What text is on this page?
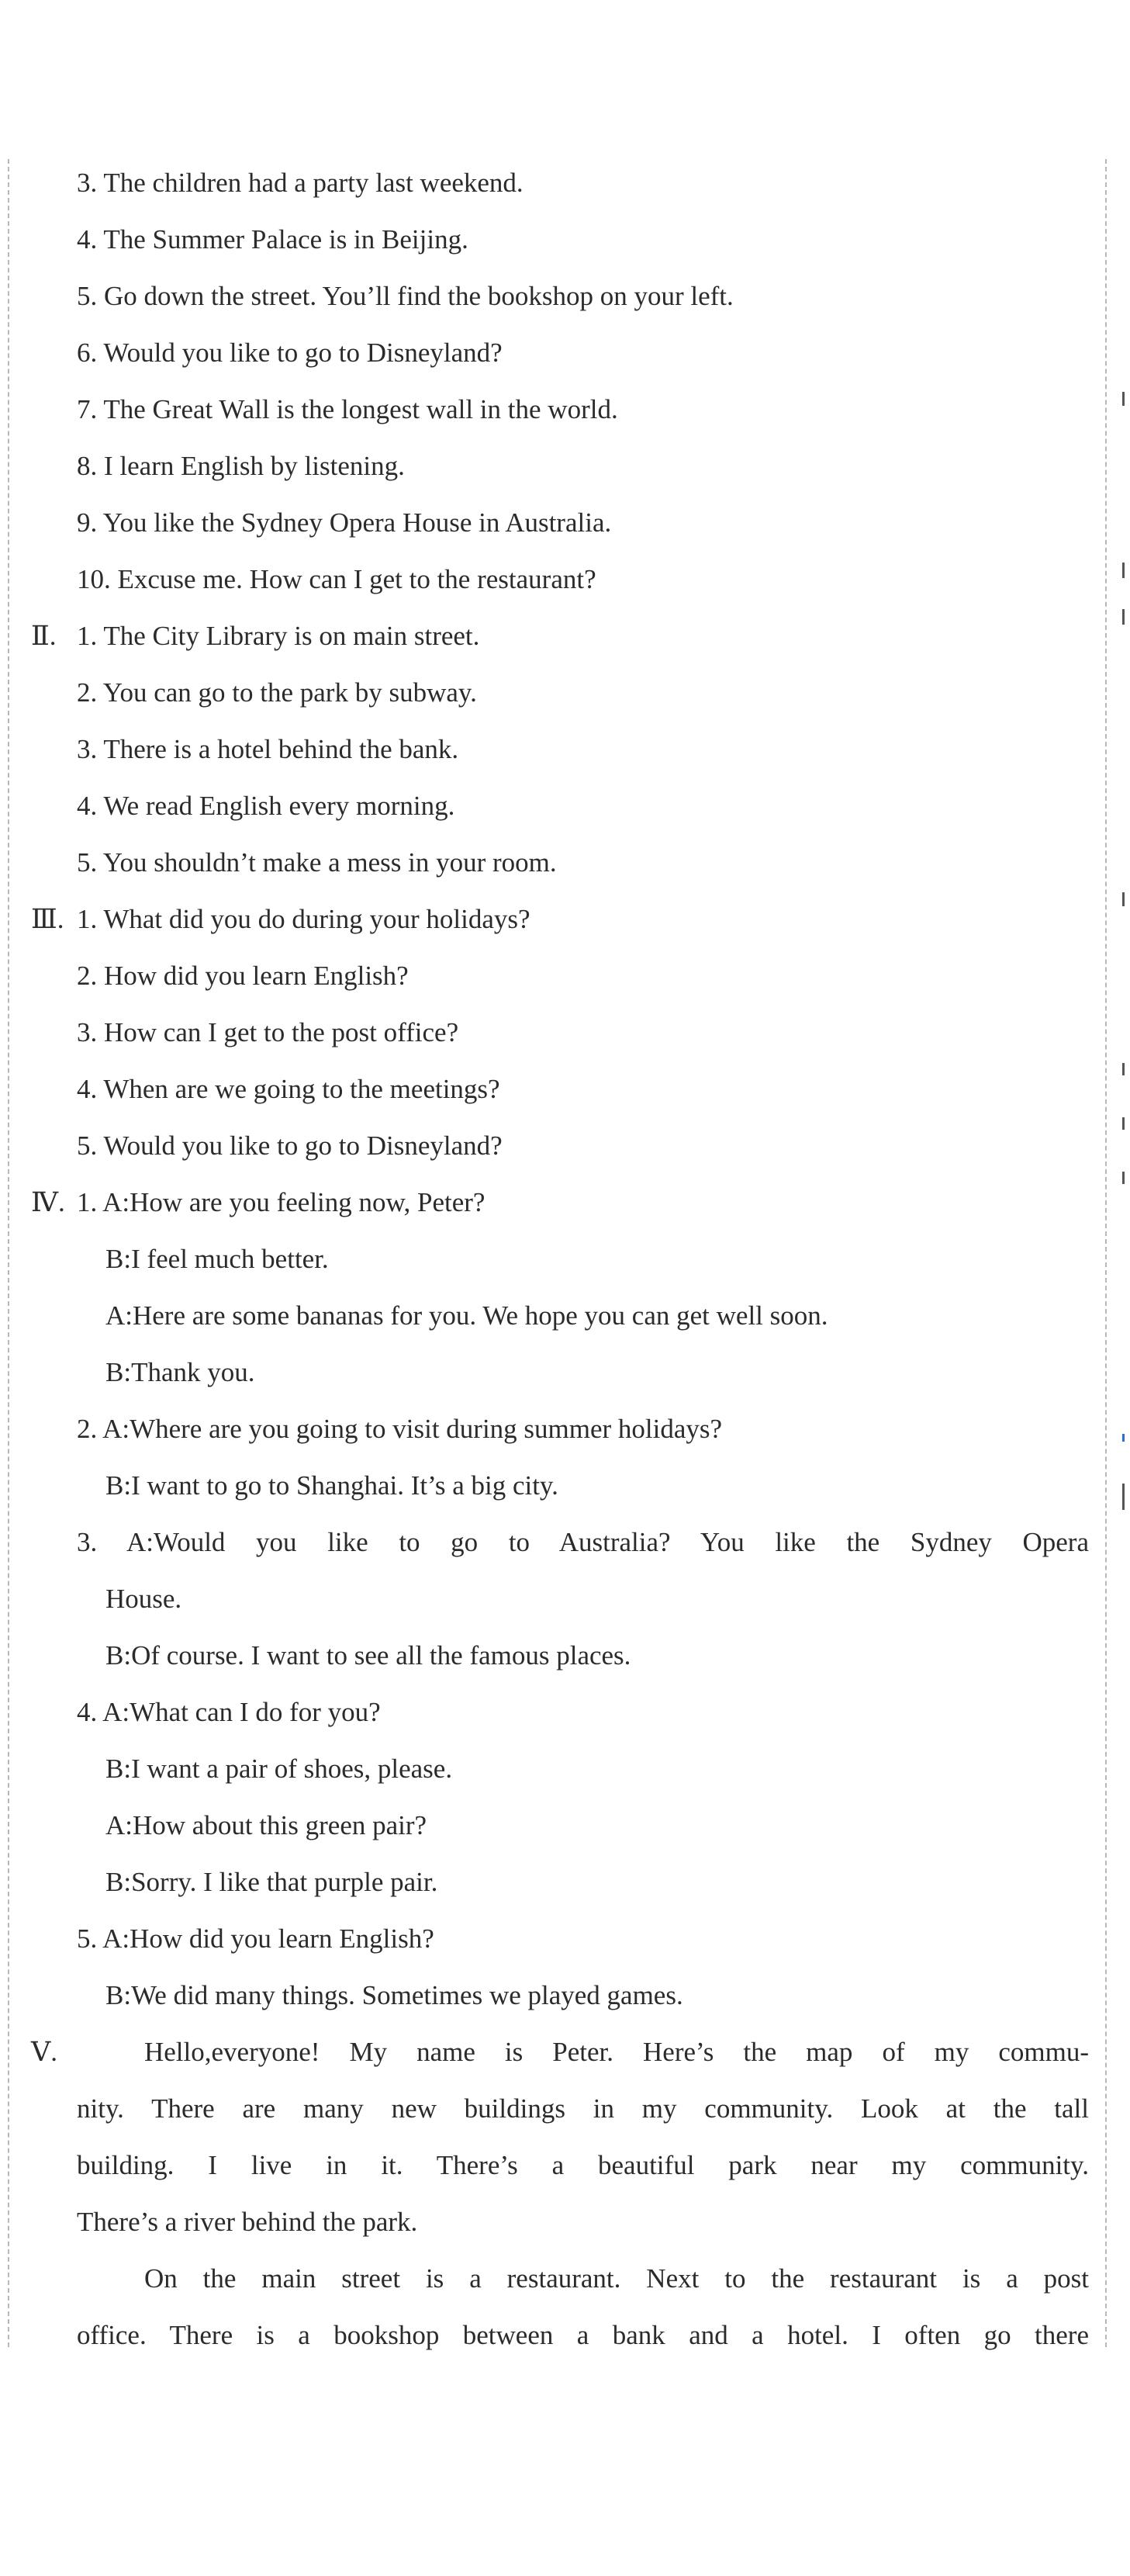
3. The children had a party last weekend.
4. The Summer Palace is in Beijing.
5. Go down the street. You’ll find the bookshop on your left.
6. Would you like to go to Disneyland?
7. The Great Wall is the longest wall in the world.
8. I learn English by listening.
9. You like the Sydney Opera House in Australia.
10. Excuse me. How can I get to the restaurant?
Ⅱ. 1. The City Library is on main street.
2. You can go to the park by subway.
3. There is a hotel behind the bank.
4. We read English every morning.
5. You shouldn’t make a mess in your room.
Ⅲ. 1. What did you do during your holidays?
2. How did you learn English?
3. How can I get to the post office?
4. When are we going to the meetings?
5. Would you like to go to Disneyland?
Ⅳ. 1. A:How are you feeling now, Peter?
B:I feel much better.
A:Here are some bananas for you. We hope you can get well soon.
B:Thank you.
2. A:Where are you going to visit during summer holidays?
B:I want to go to Shanghai. It’s a big city.
3. A:Would you like to go to Australia? You like the Sydney Opera
House.
B:Of course. I want to see all the famous places.
4. A:What can I do for you?
B:I want a pair of shoes, please.
A:How about this green pair?
B:Sorry. I like that purple pair.
5. A:How did you learn English?
B:We did many things. Sometimes we played games.
Ⅴ.	Hello,everyone! My name is Peter. Here’s the map of my commu-
nity. There are many new buildings in my community. Look at the tall
building. I live in it. There’s a beautiful park near my community.
There’s a river behind the park.
On the main street is a restaurant. Next to the restaurant is a post
office. There is a bookshop between a bank and a hotel. I often go there
